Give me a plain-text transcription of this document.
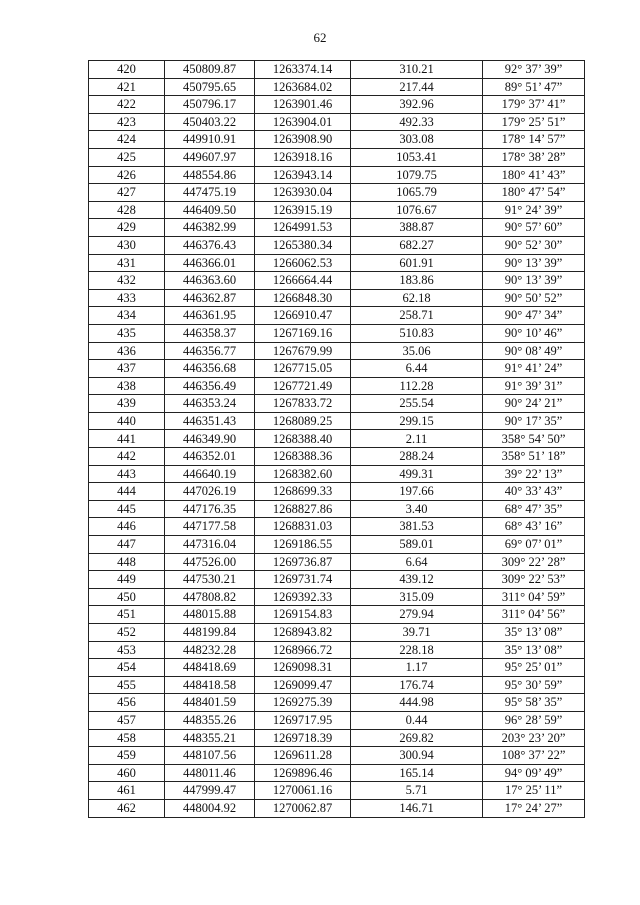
62
420	450809.87	1263374.14	310.21	92° 37’ 39”
421	450795.65	1263684.02	217.44	89° 51’ 47”
422	450796.17	1263901.46	392.96	179° 37’ 41”
423	450403.22	1263904.01	492.33	179° 25’ 51”
424	449910.91	1263908.90	303.08	178° 14’ 57”
425	449607.97	1263918.16	1053.41	178° 38’ 28”
426	448554.86	1263943.14	1079.75	180° 41’ 43”
427	447475.19	1263930.04	1065.79	180° 47’ 54”
428	446409.50	1263915.19	1076.67	91° 24’ 39”
429	446382.99	1264991.53	388.87	90° 57’ 60”
430	446376.43	1265380.34	682.27	90° 52’ 30”
431	446366.01	1266062.53	601.91	90° 13’ 39”
432	446363.60	1266664.44	183.86	90° 13’ 39”
433	446362.87	1266848.30	62.18	90° 50’ 52”
434	446361.95	1266910.47	258.71	90° 47’ 34”
435	446358.37	1267169.16	510.83	90° 10’ 46”
436	446356.77	1267679.99	35.06	90° 08’ 49”
437	446356.68	1267715.05	6.44	91° 41’ 24”
438	446356.49	1267721.49	112.28	91° 39’ 31”
439	446353.24	1267833.72	255.54	90° 24’ 21”
440	446351.43	1268089.25	299.15	90° 17’ 35”
441	446349.90	1268388.40	2.11	358° 54’ 50”
442	446352.01	1268388.36	288.24	358° 51’ 18”
443	446640.19	1268382.60	499.31	39° 22’ 13”
444	447026.19	1268699.33	197.66	40° 33’ 43”
445	447176.35	1268827.86	3.40	68° 47’ 35”
446	447177.58	1268831.03	381.53	68° 43’ 16”
447	447316.04	1269186.55	589.01	69° 07’ 01”
448	447526.00	1269736.87	6.64	309° 22’ 28”
449	447530.21	1269731.74	439.12	309° 22’ 53”
450	447808.82	1269392.33	315.09	311° 04’ 59”
451	448015.88	1269154.83	279.94	311° 04’ 56”
452	448199.84	1268943.82	39.71	35° 13’ 08”
453	448232.28	1268966.72	228.18	35° 13’ 08”
454	448418.69	1269098.31	1.17	95° 25’ 01”
455	448418.58	1269099.47	176.74	95° 30’ 59”
456	448401.59	1269275.39	444.98	95° 58’ 35”
457	448355.26	1269717.95	0.44	96° 28’ 59”
458	448355.21	1269718.39	269.82	203° 23’ 20”
459	448107.56	1269611.28	300.94	108° 37’ 22”
460	448011.46	1269896.46	165.14	94° 09’ 49”
461	447999.47	1270061.16	5.71	17° 25’ 11”
462	448004.92	1270062.87	146.71	17° 24’ 27”
